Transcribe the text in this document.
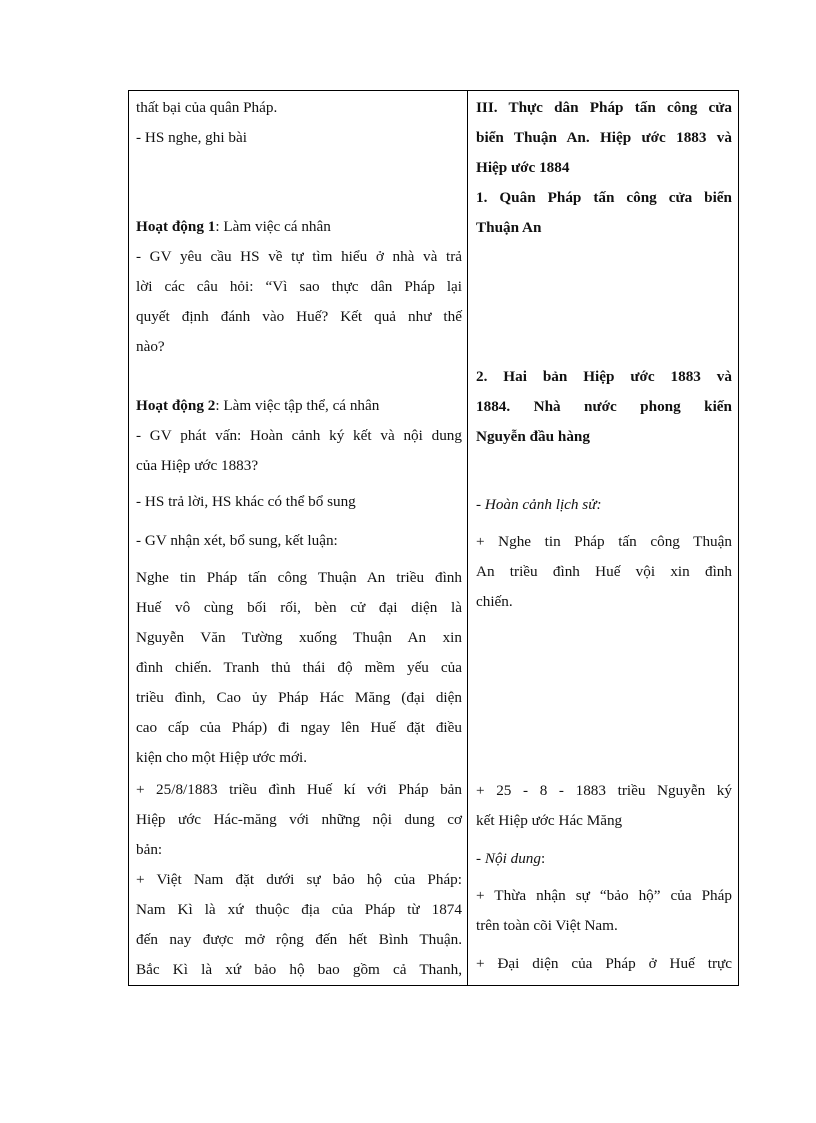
thất bại của quân Pháp.
- HS nghe, ghi bài
Hoạt động 1: Làm việc cá nhân
- GV yêu cầu HS về tự tìm hiểu ở nhà và trả
lời các câu hỏi: “Vì sao thực dân Pháp lại
quyết định đánh vào Huế? Kết quả như thế
nào?
Hoạt động 2: Làm việc tập thể, cá nhân
- GV phát vấn: Hoàn cảnh ký kết và nội dung
của Hiệp ước 1883?
- HS trả lời, HS khác có thể bổ sung
- GV nhận xét, bổ sung, kết luận:
Nghe tin Pháp tấn công Thuận An triều đình
Huế vô cùng bối rối, bèn cử đại diện là
Nguyễn Văn Tường xuống Thuận An xin
đình chiến. Tranh thủ thái độ mềm yếu của
triều đình, Cao ủy Pháp Hác Măng (đại diện
cao cấp của Pháp) đi ngay lên Huế đặt điều
kiện cho một Hiệp ước mới.
+ 25/8/1883 triều đình Huế kí với Pháp bản
Hiệp ước Hác-măng với những nội dung cơ
bản:
+ Việt Nam đặt dưới sự bảo hộ của Pháp:
Nam Kì là xứ thuộc địa của Pháp từ 1874
đến nay được mở rộng đến hết Bình Thuận.
Bắc Kì là xứ bảo hộ bao gồm cả Thanh,
III. Thực dân Pháp tấn công cửa
biển Thuận An. Hiệp ước 1883 và
Hiệp ước 1884
1. Quân Pháp tấn công cửa biển
Thuận An
2. Hai bản Hiệp ước 1883 và
1884. Nhà nước phong kiến
Nguyễn đầu hàng
- Hoàn cảnh lịch sử:
+ Nghe tin Pháp tấn công Thuận
An triều đình Huế vội xin đình
chiến.
+ 25 - 8 - 1883 triều Nguyễn ký
kết Hiệp ước Hác Măng
- Nội dung:
+ Thừa nhận sự “bảo hộ” của Pháp
trên toàn cõi Việt Nam.
+ Đại diện của Pháp ở Huế trực
